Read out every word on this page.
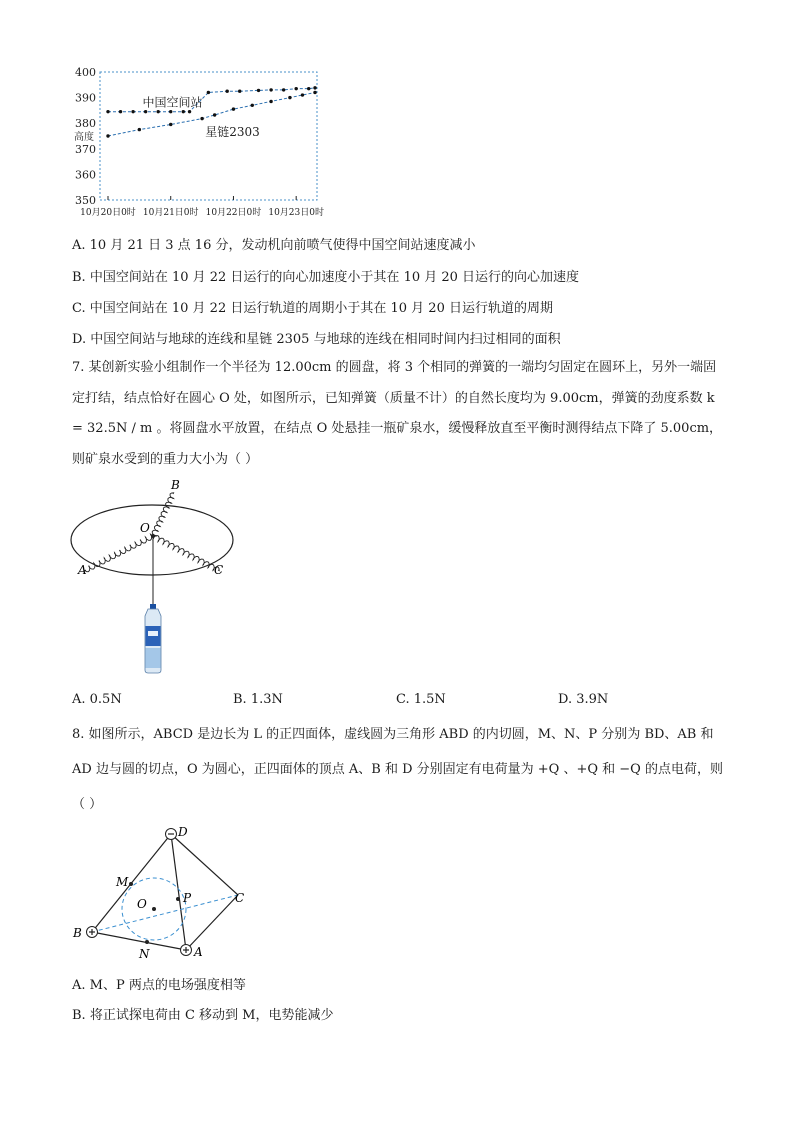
400
390
380
370
360
350
高度
10月20日0时 10月21日0时 10月22日0时 10月23日0时
中国空间站
星链2303
A. 10 月 21 日 3 点 16 分，发动机向前喷气使得中国空间站速度减小
B. 中国空间站在 10 月 22 日运行的向心加速度小于其在 10 月 20 日运行的向心加速度
C. 中国空间站在 10 月 22 日运行轨道的周期小于其在 10 月 20 日运行轨道的周期
D. 中国空间站与地球的连线和星链 2305 与地球的连线在相同时间内扫过相同的面积
7. 某创新实验小组制作一个半径为 12.00cm 的圆盘，将 3 个相同的弹簧的一端均匀固定在圆环上，另外一端固定打结，结点恰好在圆心 O 处，如图所示，已知弹簧（质量不计）的自然长度均为 9.00cm，弹簧的劲度系数 k = 32.5N / m 。将圆盘水平放置，在结点 O 处悬挂一瓶矿泉水，缓慢释放直至平衡时测得结点下降了 5.00cm，则矿泉水受到的重力大小为（ ）
B
O
A	C
A. 0.5N	B. 1.3N	C. 1.5N	D. 3.9N
8. 如图所示，ABCD 是边长为 L 的正四面体，虚线圆为三角形 ABD 的内切圆，M、N、P 分别为 BD、AB 和 AD 边与圆的切点，O 为圆心，正四面体的顶点 A、B 和 D 分别固定有电荷量为 +Q 、+Q 和 −Q 的点电荷，则（ ）
D
M
P
O	C
B
N	A
A. M、P 两点的电场强度相等
B. 将正试探电荷由 C 移动到 M，电势能减少
